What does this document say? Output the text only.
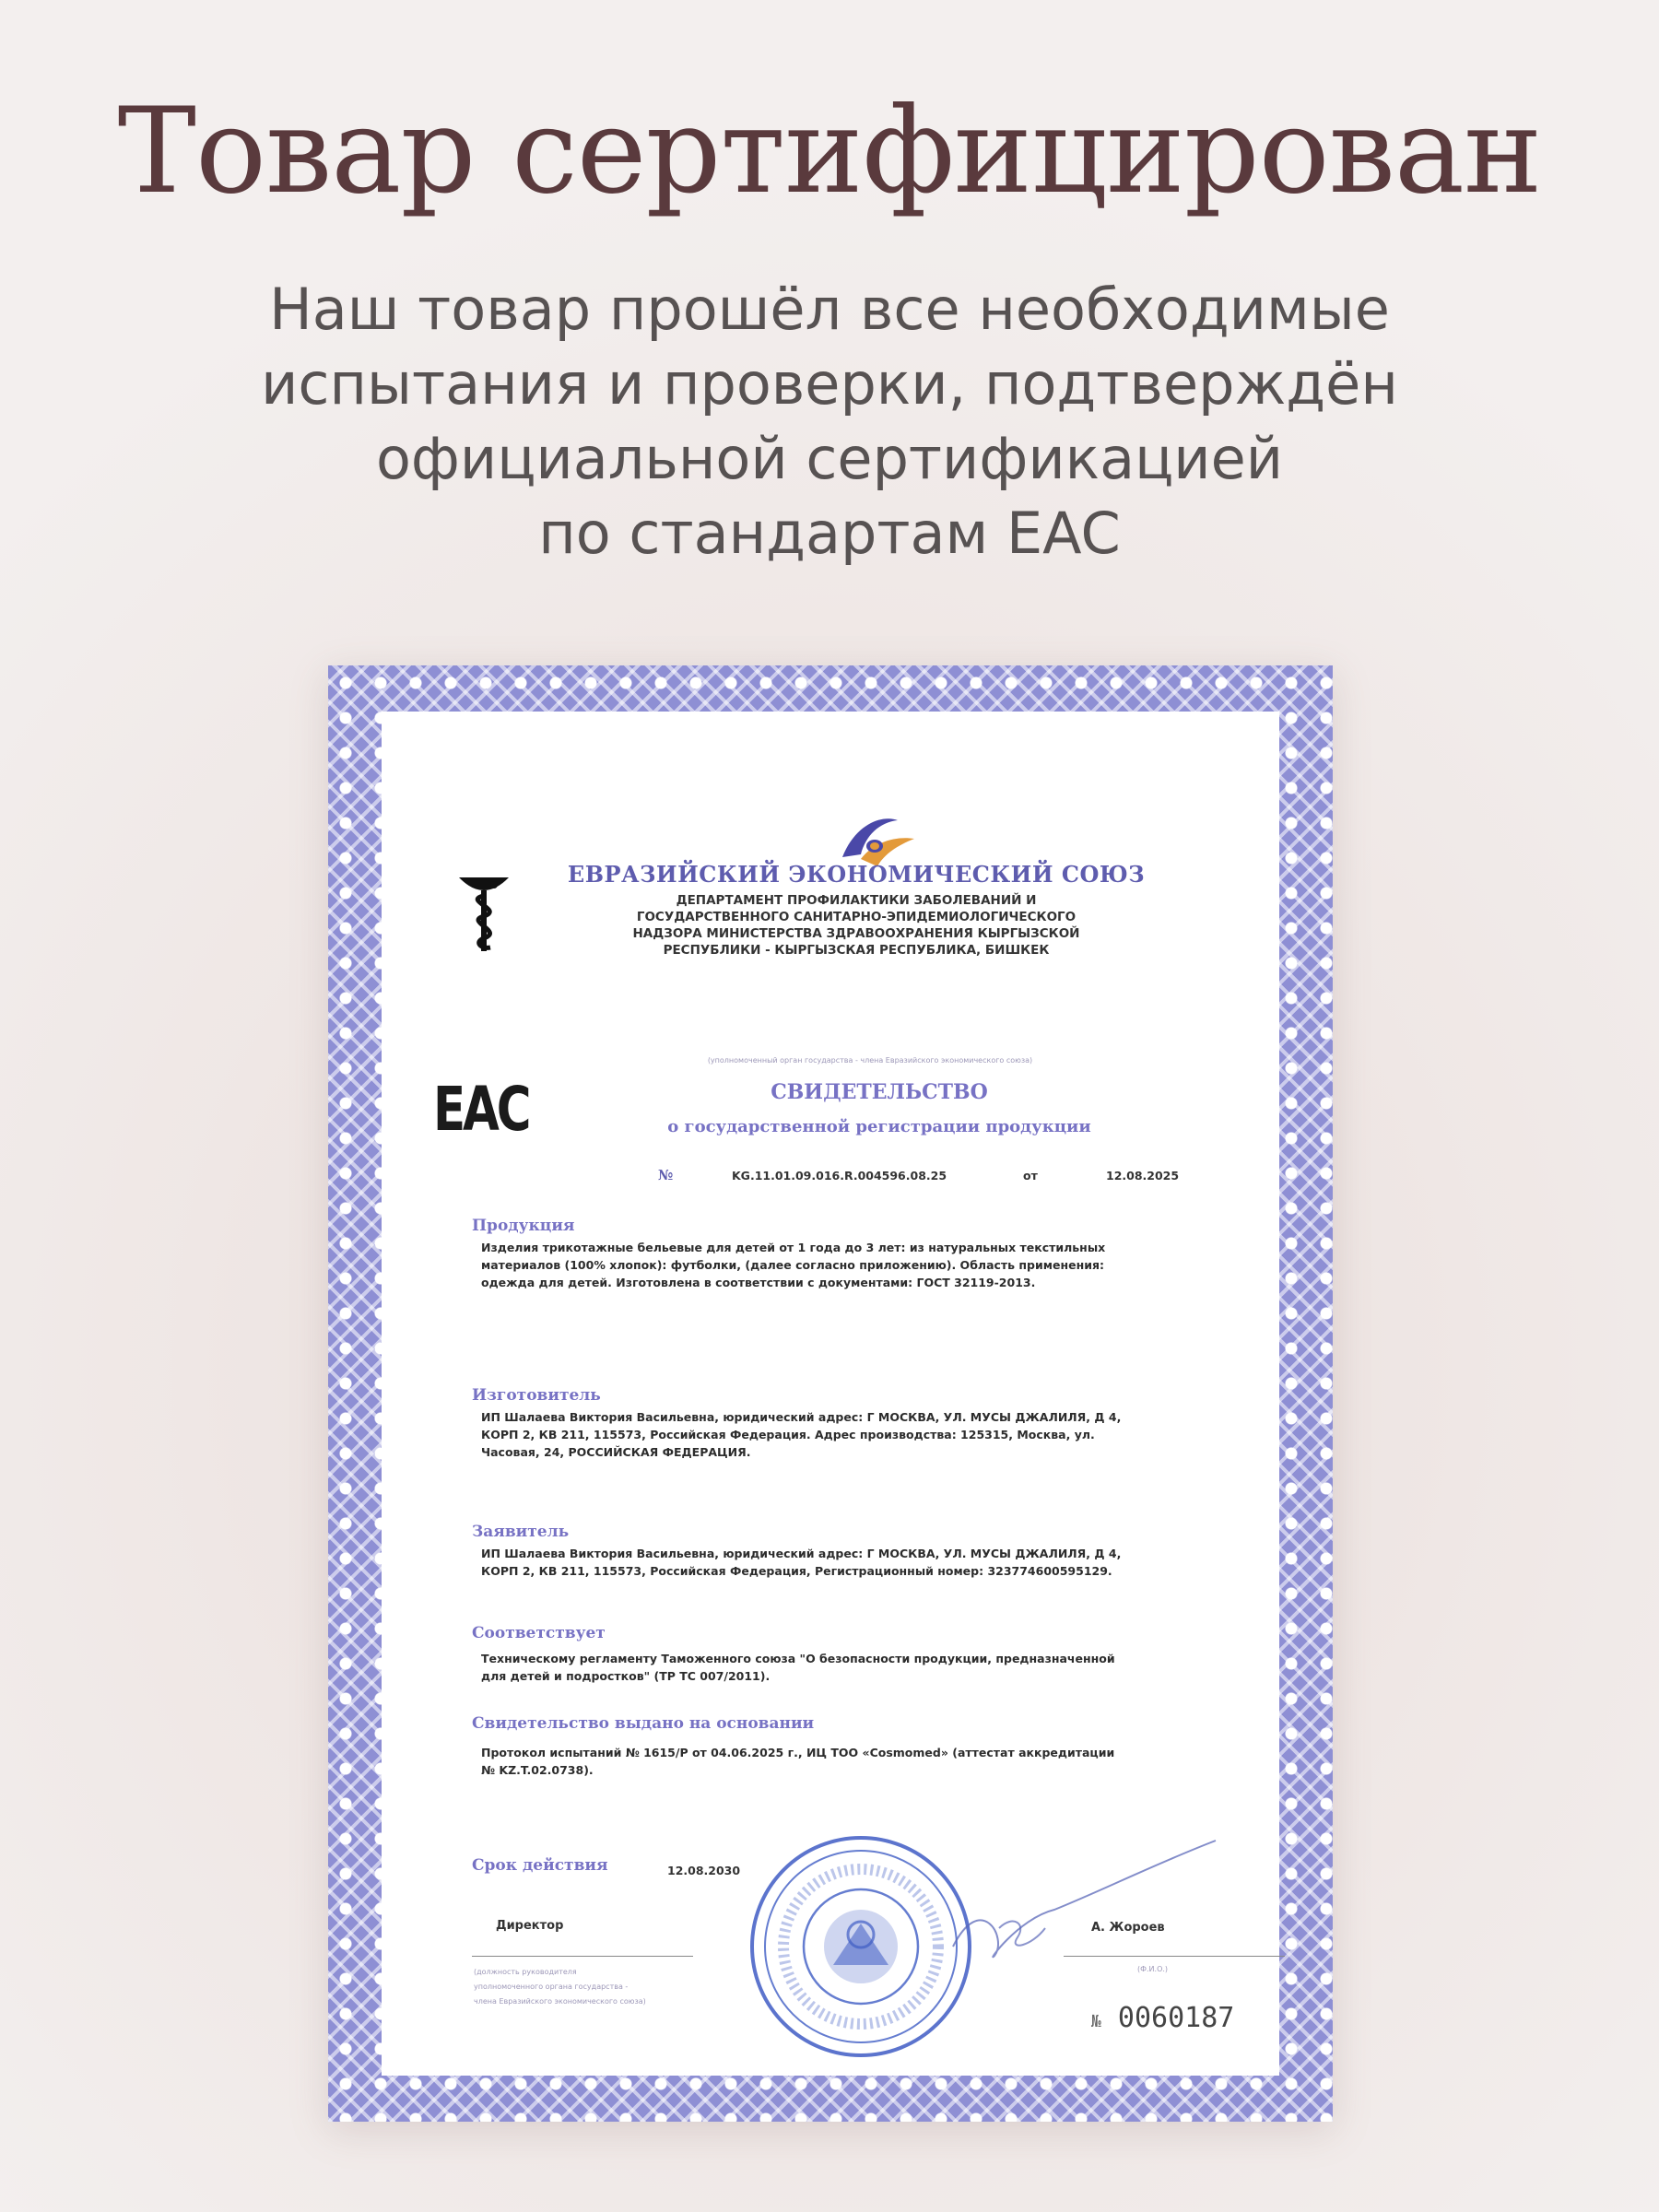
Товар сертифицирован
Наш товар прошёл все необходимые
испытания и проверки, подтверждён
официальной сертификацией
по стандартам EAC
ЕВРАЗИЙСКИЙ ЭКОНОМИЧЕСКИЙ СОЮЗ
ДЕПАРТАМЕНТ ПРОФИЛАКТИКИ ЗАБОЛЕВАНИЙ И
ГОСУДАРСТВЕННОГО САНИТАРНО-ЭПИДЕМИОЛОГИЧЕСКОГО
НАДЗОРА МИНИСТЕРСТВА ЗДРАВООХРАНЕНИЯ КЫРГЫЗСКОЙ
РЕСПУБЛИКИ - КЫРГЫЗСКАЯ РЕСПУБЛИКА, БИШКЕК
(уполномоченный орган государства - члена Евразийского экономического союза)
EAC	СВИДЕТЕЛЬСТВО
о государственной регистрации продукции
№	KG.11.01.09.016.R.004596.08.25	от	12.08.2025
Продукция
Изделия трикотажные бельевые для детей от 1 года до 3 лет: из натуральных текстильных
материалов (100% хлопок): футболки, (далее согласно приложению). Область применения:
одежда для детей. Изготовлена в соответствии с документами: ГОСТ 32119-2013.
Изготовитель
ИП Шалаева Виктория Васильевна, юридический адрес: Г МОСКВА, УЛ. МУСЫ ДЖАЛИЛЯ, Д 4,
КОРП 2, КВ 211, 115573, Российская Федерация. Адрес производства: 125315, Москва, ул.
Часовая, 24, РОССИЙСКАЯ ФЕДЕРАЦИЯ.
Заявитель
ИП Шалаева Виктория Васильевна, юридический адрес: Г МОСКВА, УЛ. МУСЫ ДЖАЛИЛЯ, Д 4,
КОРП 2, КВ 211, 115573, Российская Федерация, Регистрационный номер: 323774600595129.
Соответствует
Техническому регламенту Таможенного союза "О безопасности продукции, предназначенной
для детей и подростков" (ТР ТС 007/2011).
Свидетельство выдано на основании
Протокол испытаний № 1615/Р от 04.06.2025 г., ИЦ ТОО «Cosmomed» (аттестат аккредитации
№ KZ.T.02.0738).
Срок действия	12.08.2030
Директор
(должность руководителя
уполномоченного органа государства -
члена Евразийского экономического союза)
А. Жороев
(Ф.И.О.)
№ 0060187
